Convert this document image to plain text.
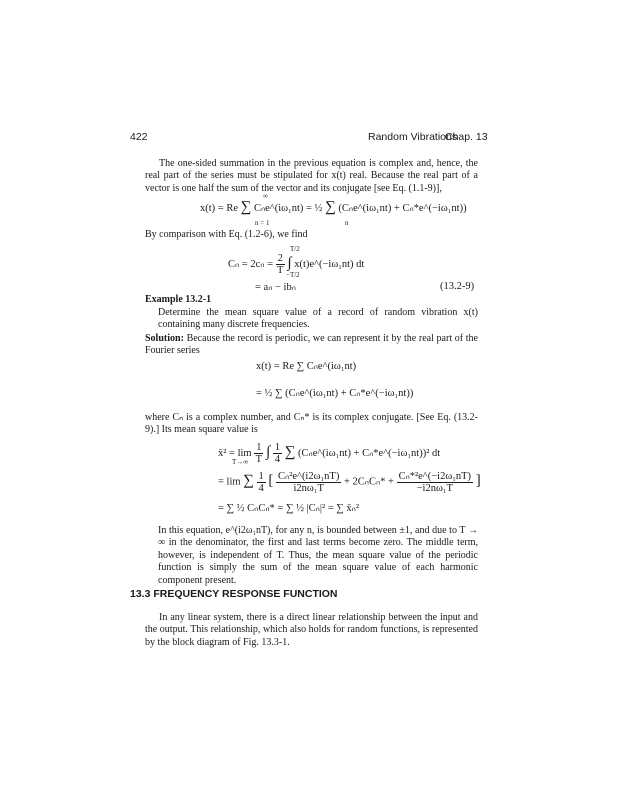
422	Random Vibrations
Chap. 13

The one-sided summation in the previous equation is complex and, hence, the real part of the series must be stipulated for x(t) real. Because the real part of a vector is one half the sum of the vector and its conjugate [see Eq. (1.1-9)],

x(t) = Re ∑ Cₙe^(iω₁nt) = ½ ∑ (Cₙe^(iω₁nt) + Cₙ*e^(−iω₁nt))
∞
n = 1	n

By comparison with Eq. (1.2-6), we find

$C_n = 2c_n = \frac{2}{T}$ ∫ x(t)e^(−iω₁nt) dt
T/2
−T/2
= aₙ − ibₙ	(13.2-9)
Example 13.2-1

Determine the mean square value of a record of random vibration x(t) containing many discrete frequencies.

Solution: Because the record is periodic, we can represent it by the real part of the Fourier series

x(t) = Re ∑ Cₙe^(iω₁nt)
= ½ ∑ (Cₙe^(iω₁nt) + Cₙ*e^(−iω₁nt))

where Cₙ is a complex number, and Cₙ* is its complex conjugate. [See Eq. (13.2-9).] Its mean square value is

x̄² = $\lim \frac{1}{T}$ ∫ $\frac{1}{4}$ ∑ (Cₙe^(iω₁nt) + Cₙ*e^(−iω₁nt))² dt
T→∞
= lim ∑ $\frac{1}{4}$ [ $\frac{\text{Cₙ²e\textasciicircum{}(i2ω₁nT)}}{\text{i2nω₁T}} + 2C_nC_n* + \frac{\text{Cₙ*²e\textasciicircum{}(−i2ω₁nT)}}{\text{−i2nω₁T}}$ ]
= ∑ ½ CₙCₙ* = ∑ ½ |Cₙ|² = ∑ x̄ₙ²

In this equation, e^(i2ω₁nT), for any n, is bounded between ±1, and due to T → ∞ in the denominator, the first and last terms become zero. The middle term, however, is independent of T. Thus, the mean square value of the periodic function is simply the sum of the mean square value of each harmonic component present.

13.3 FREQUENCY RESPONSE FUNCTION

In any linear system, there is a direct linear relationship between the input and the output. This relationship, which also holds for random functions, is represented by the block diagram of Fig. 13.3-1.
